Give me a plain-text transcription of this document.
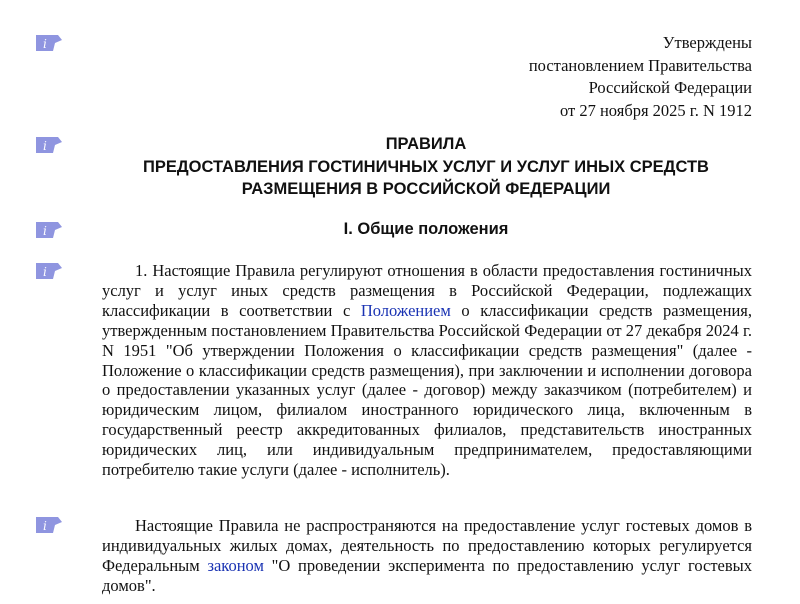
i
i
i
i
i
Утверждены
постановлением Правительства
Российской Федерации
от 27 ноября 2025 г. N 1912
ПРАВИЛА
ПРЕДОСТАВЛЕНИЯ ГОСТИНИЧНЫХ УСЛУГ И УСЛУГ ИНЫХ СРЕДСТВ
РАЗМЕЩЕНИЯ В РОССИЙСКОЙ ФЕДЕРАЦИИ
I. Общие положения

1. Настоящие Правила регулируют отношения в области предоставления гостиничных услуг и услуг иных средств размещения в Российской Федерации, подлежащих классификации в соответствии с Положением о классификации средств размещения, утвержденным постановлением Правительства Российской Федерации от 27 декабря 2024 г. N 1951 "Об утверждении Положения о классификации средств размещения" (далее - Положение о классификации средств размещения), при заключении и исполнении договора о предоставлении указанных услуг (далее - договор) между заказчиком (потребителем) и юридическим лицом, филиалом иностранного юридического лица, включенным в государственный реестр аккредитованных филиалов, представительств иностранных юридических лиц, или индивидуальным предпринимателем, предоставляющими потребителю такие услуги (далее - исполнитель).

Настоящие Правила не распространяются на предоставление услуг гостевых домов в индивидуальных жилых домах, деятельность по предоставлению которых регулируется Федеральным законом "О проведении эксперимента по предоставлению услуг гостевых домов".
